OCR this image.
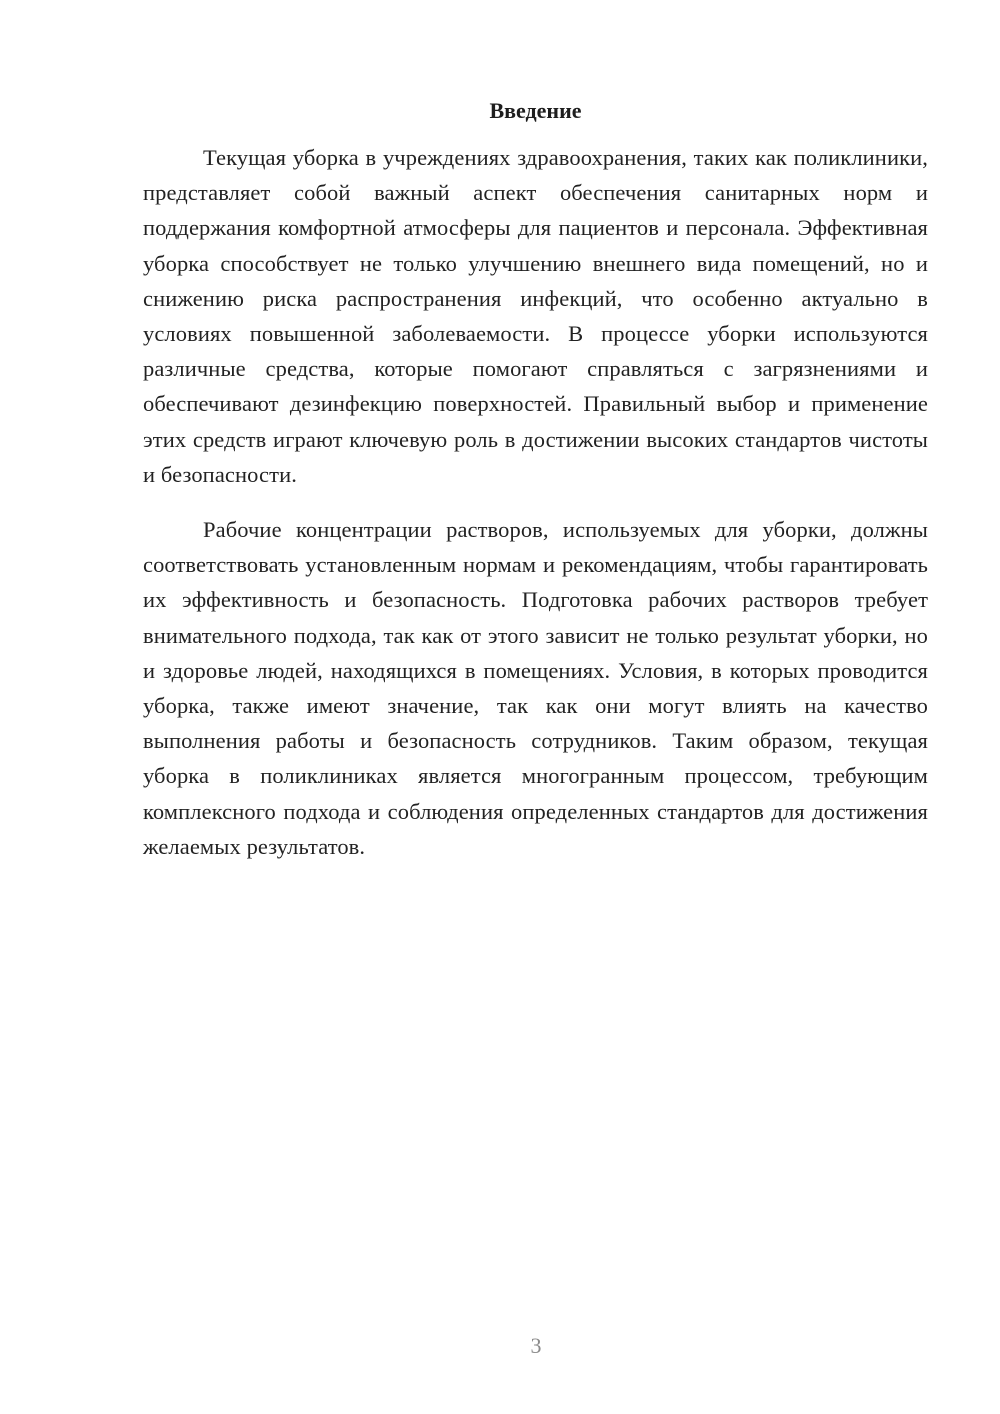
Введение

Текущая уборка в учреждениях здравоохранения, таких как поликлиники, представляет собой важный аспект обеспечения санитарных норм и поддержания комфортной атмосферы для пациентов и персонала. Эффективная уборка способствует не только улучшению внешнего вида помещений, но и снижению риска распространения инфекций, что особенно актуально в условиях повышенной заболеваемости. В процессе уборки используются различные средства, которые помогают справляться с загрязнениями и обеспечивают дезинфекцию поверхностей. Правильный выбор и применение этих средств играют ключевую роль в достижении высоких стандартов чистоты и безопасности.

Рабочие концентрации растворов, используемых для уборки, должны соответствовать установленным нормам и рекомендациям, чтобы гарантировать их эффективность и безопасность. Подготовка рабочих растворов требует внимательного подхода, так как от этого зависит не только результат уборки, но и здоровье людей, находящихся в помещениях. Условия, в которых проводится уборка, также имеют значение, так как они могут влиять на качество выполнения работы и безопасность сотрудников. Таким образом, текущая уборка в поликлиниках является многогранным процессом, требующим комплексного подхода и соблюдения определенных стандартов для достижения желаемых результатов.

3
